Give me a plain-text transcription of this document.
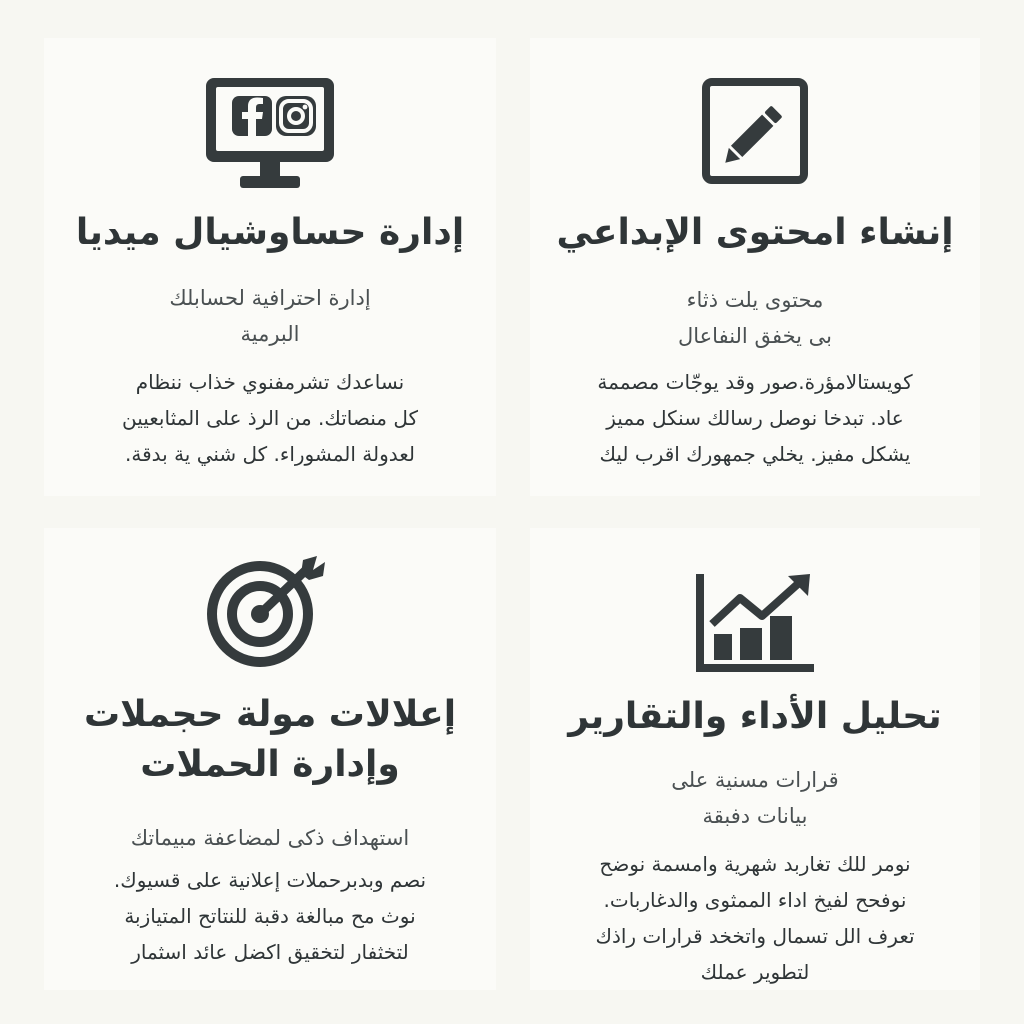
إدارة حساوشيال ميديا
إدارة احترافية لحسابلك
البرمية
نساعدك تشرمفنوي خذاب ننظام
كل منصاتك. من الرذ على المثابعيين
لعدولة المشوراء. كل شني ية بدقة.
إنشاء امحتوى الإبداعي
محتوى يلت ذثاء
بى يخفق النفاعال
كويستالامؤرة.صور وقد يوجّات مصممة
عاد. تبدخا نوصل رسالك سنكل مميز
يشكل مفيز. يخلي جمهورك اقرب ليك
إعلالات مولة حجملات
وإدارة الحملات
استهداف ذكى لمضاعفة مبيماتك
نصم وبدبرحملات إعلانية على قسيوك.
نوث مح مبالغة دقبة للنتاتح المتيازبة
لتخثفار لتخقيق اكضل عائد اسثمار
تحليل الأداء والتقارير
قرارات مسنية على
بيانات دفبقة
نومر للك تغاربد شهرية وامسمة نوضح
نوفحح لفيخ اداء الممثوى والدغاربات.
تعرف الل تسمال واتخخد قرارات راذك
لتطوير عملك
